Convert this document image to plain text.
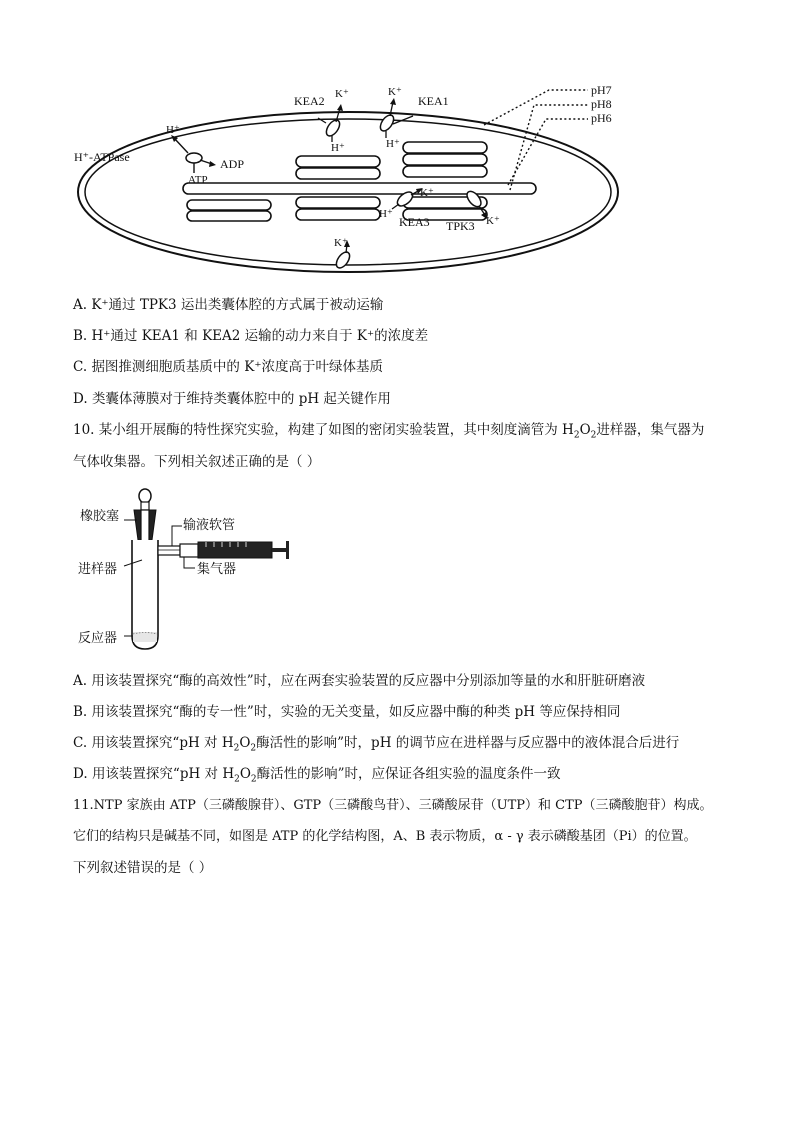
H⁺-ATPase
H⁺
ADP
ATP
KEA2 K⁺
H⁺
KEA1
K⁺
H⁺
K⁺
H⁺
KEA3 TPK3 K⁺
K⁺
pH7
pH8
pH6
A. K⁺通过 TPK3 运出类囊体腔的方式属于被动运输
B. H⁺通过 KEA1 和 KEA2 运输的动力来自于 K⁺的浓度差
C. 据图推测细胞质基质中的 K⁺浓度高于叶绿体基质
D. 类囊体薄膜对于维持类囊体腔中的 pH 起关键作用
10. 某小组开展酶的特性探究实验，构建了如图的密闭实验装置，其中刻度滴管为 $H_2O_2$进样器，集气器为
气体收集器。下列相关叙述正确的是（ ）
橡胶塞
输液软管
进样器	集气器
反应器
A. 用该装置探究“酶的高效性”时，应在两套实验装置的反应器中分别添加等量的水和肝脏研磨液
B. 用该装置探究“酶的专一性”时，实验的无关变量，如反应器中酶的种类 pH 等应保持相同
C. 用该装置探究“pH 对 $H_2O_2$酶活性的影响”时，pH 的调节应在进样器与反应器中的液体混合后进行
D. 用该装置探究“pH 对 $H_2O_2$酶活性的影响”时，应保证各组实验的温度条件一致
11.NTP 家族由 ATP（三磷酸腺苷）、GTP（三磷酸鸟苷）、三磷酸尿苷（UTP）和 CTP（三磷酸胞苷）构成。
它们的结构只是碱基不同，如图是 ATP 的化学结构图，A、B 表示物质，α - γ 表示磷酸基团（Pi）的位置。
下列叙述错误的是（ ）
